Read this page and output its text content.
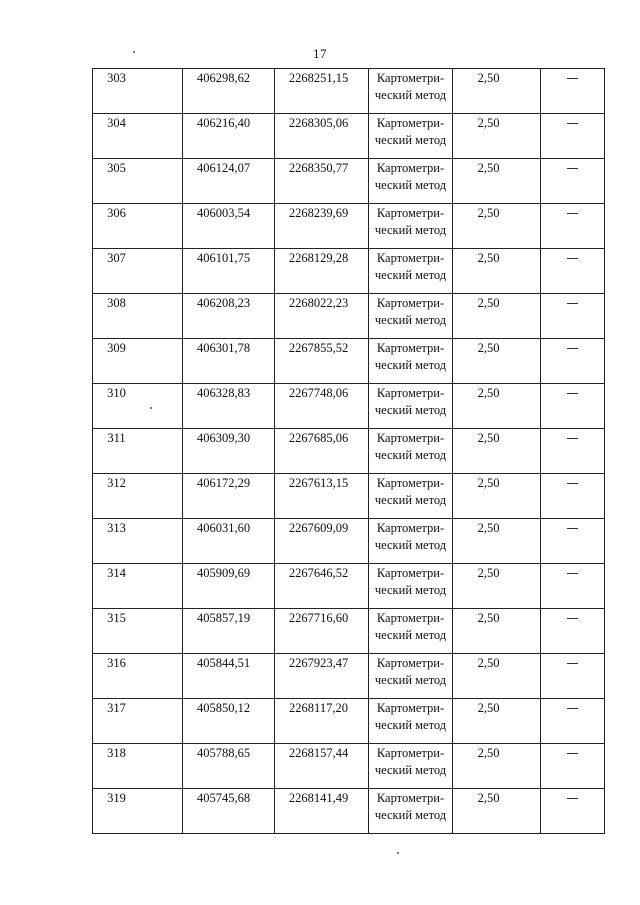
17
303	406298,62	2268251,15	Картометри-
ческий метод	2,50	—

304	406216,40	2268305,06	Картометри-
ческий метод	2,50	—

305	406124,07	2268350,77	Картометри-
ческий метод	2,50	—

306	406003,54	2268239,69	Картометри-
ческий метод	2,50	—

307	406101,75	2268129,28	Картометри-
ческий метод	2,50	—

308	406208,23	2268022,23	Картометри-
ческий метод	2,50	—

309	406301,78	2267855,52	Картометри-
ческий метод	2,50	—

310	406328,83	2267748,06	Картометри-
ческий метод	2,50	—

311	406309,30	2267685,06	Картометри-
ческий метод	2,50	—

312	406172,29	2267613,15	Картометри-
ческий метод	2,50	—

313	406031,60	2267609,09	Картометри-
ческий метод	2,50	—

314	405909,69	2267646,52	Картометри-
ческий метод	2,50	—

315	405857,19	2267716,60	Картометри-
ческий метод	2,50	—

316	405844,51	2267923,47	Картометри-
ческий метод	2,50	—

317	405850,12	2268117,20	Картометри-
ческий метод	2,50	—

318	405788,65	2268157,44	Картометри-
ческий метод	2,50	—

319	405745,68	2268141,49	Картометри-
ческий метод	2,50	—
